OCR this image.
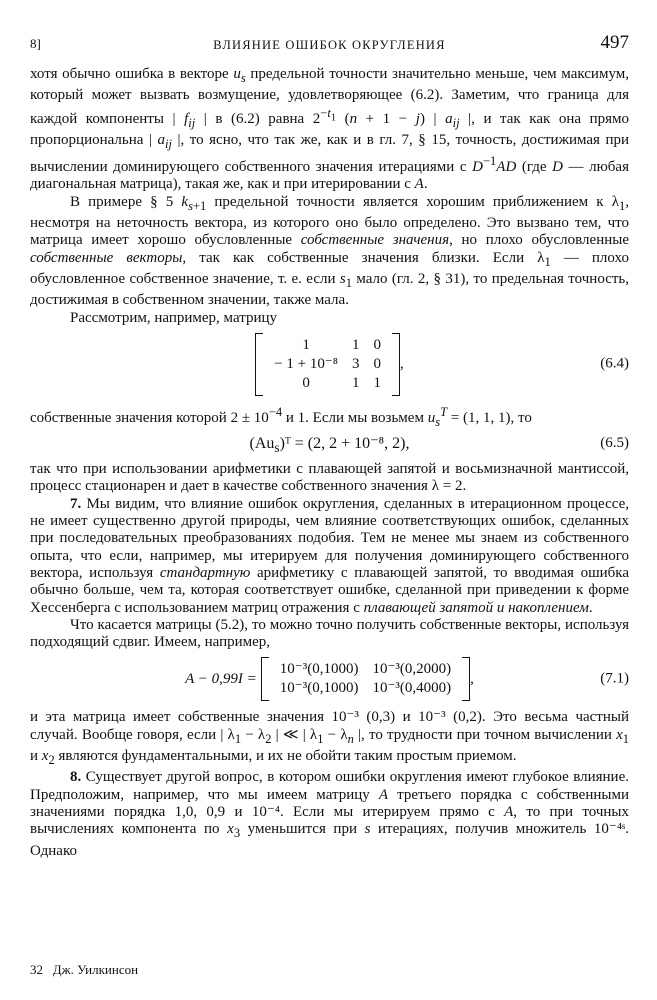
8]	ВЛИЯНИЕ ОШИБОК ОКРУГЛЕНИЯ	497

хотя обычно ошибка в векторе $u_s$ предельной точности значительно меньше, чем максимум, который может вызвать возмущение, удовлетворяющее (6.2). Заметим, что граница для каждой компоненты | $f_{ij}$ | в (6.2) равна $2^{-t_1}$ (n + 1 − j) | $a_{ij}$ |, и так как она прямо пропорциональна | $a_{ij}$ |, то ясно, что так же, как и в гл. 7, § 15, точность, достижимая при вычислении доминирующего собственного значения итерациями с $D^{-1}AD$ (где D — любая диагональная матрица), такая же, как и при итерировании с A.

В примере § 5 $k_{s+1}$ предельной точности является хорошим приближением к $\lambda_1$, несмотря на неточность вектора, из которого оно было определено. Это вызвано тем, что матрица имеет хорошо обусловленные собственные значения, но плохо обусловленные собственные векторы, так как собственные значения близки. Если $\lambda_1$ — плохо обусловленное собственное значение, т. е. если $s_1$ мало (гл. 2, § 31), то предельная точность, достижимая в собственном значении, также мала.

Рассмотрим, например, матрицу

1	1	0
− 1 + 10⁻⁸	3	0
0	1	1
,	(6.4)

собственные значения которой $2 \pm 10^{-4}$ и 1. Если мы возьмем $u_s^T = (1$, 1, 1), то

$(Au_s)ᵀ = (2$, 2 + 10⁻⁸, 2),	(6.5)

так что при использовании арифметики с плавающей запятой и восьмизначной мантиссой, процесс стационарен и дает в качестве собственного значения λ = 2.

7. Мы видим, что влияние ошибок округления, сделанных в итерационном процессе, не имеет существенно другой природы, чем влияние соответствующих ошибок, сделанных при последовательных преобразованиях подобия. Тем не менее мы знаем из собственного опыта, что если, например, мы итерируем для получения доминирующего собственного вектора, используя стандартную арифметику с плавающей запятой, то вводимая ошибка обычно больше, чем та, которая соответствует ошибке, сделанной при приведении к форме Хессенберга с использованием матриц отражения с плавающей запятой и накоплением.

Что касается матрицы (5.2), то можно точно получить собственные векторы, используя подходящий сдвиг. Имеем, например,

A − 0,99I =
10⁻³(0,1000)	10⁻³(0,2000)
10⁻³(0,1000)	10⁻³(0,4000)
,	(7.1)

и эта матрица имеет собственные значения 10⁻³ (0,3) и 10⁻³ (0,2). Это весьма частный случай. Вообще говоря, если | $\lambda_1 - \lambda_2$ | ≪ | $\lambda_1 - \lambda_n$ |, то трудности при точном вычислении $x_1$ и $x_2$ являются фундаментальными, и их не обойти таким простым приемом.

8. Существует другой вопрос, в котором ошибки округления имеют глубокое влияние. Предположим, например, что мы имеем матрицу A третьего порядка с собственными значениями порядка 1,0, 0,9 и 10⁻⁴. Если мы итерируем прямо с A, то при точных вычислениях компонента по $x_3$ уменьшится при s итерациях, получив множитель 10⁻⁴ˢ. Однако

32 Дж. Уилкинсон
